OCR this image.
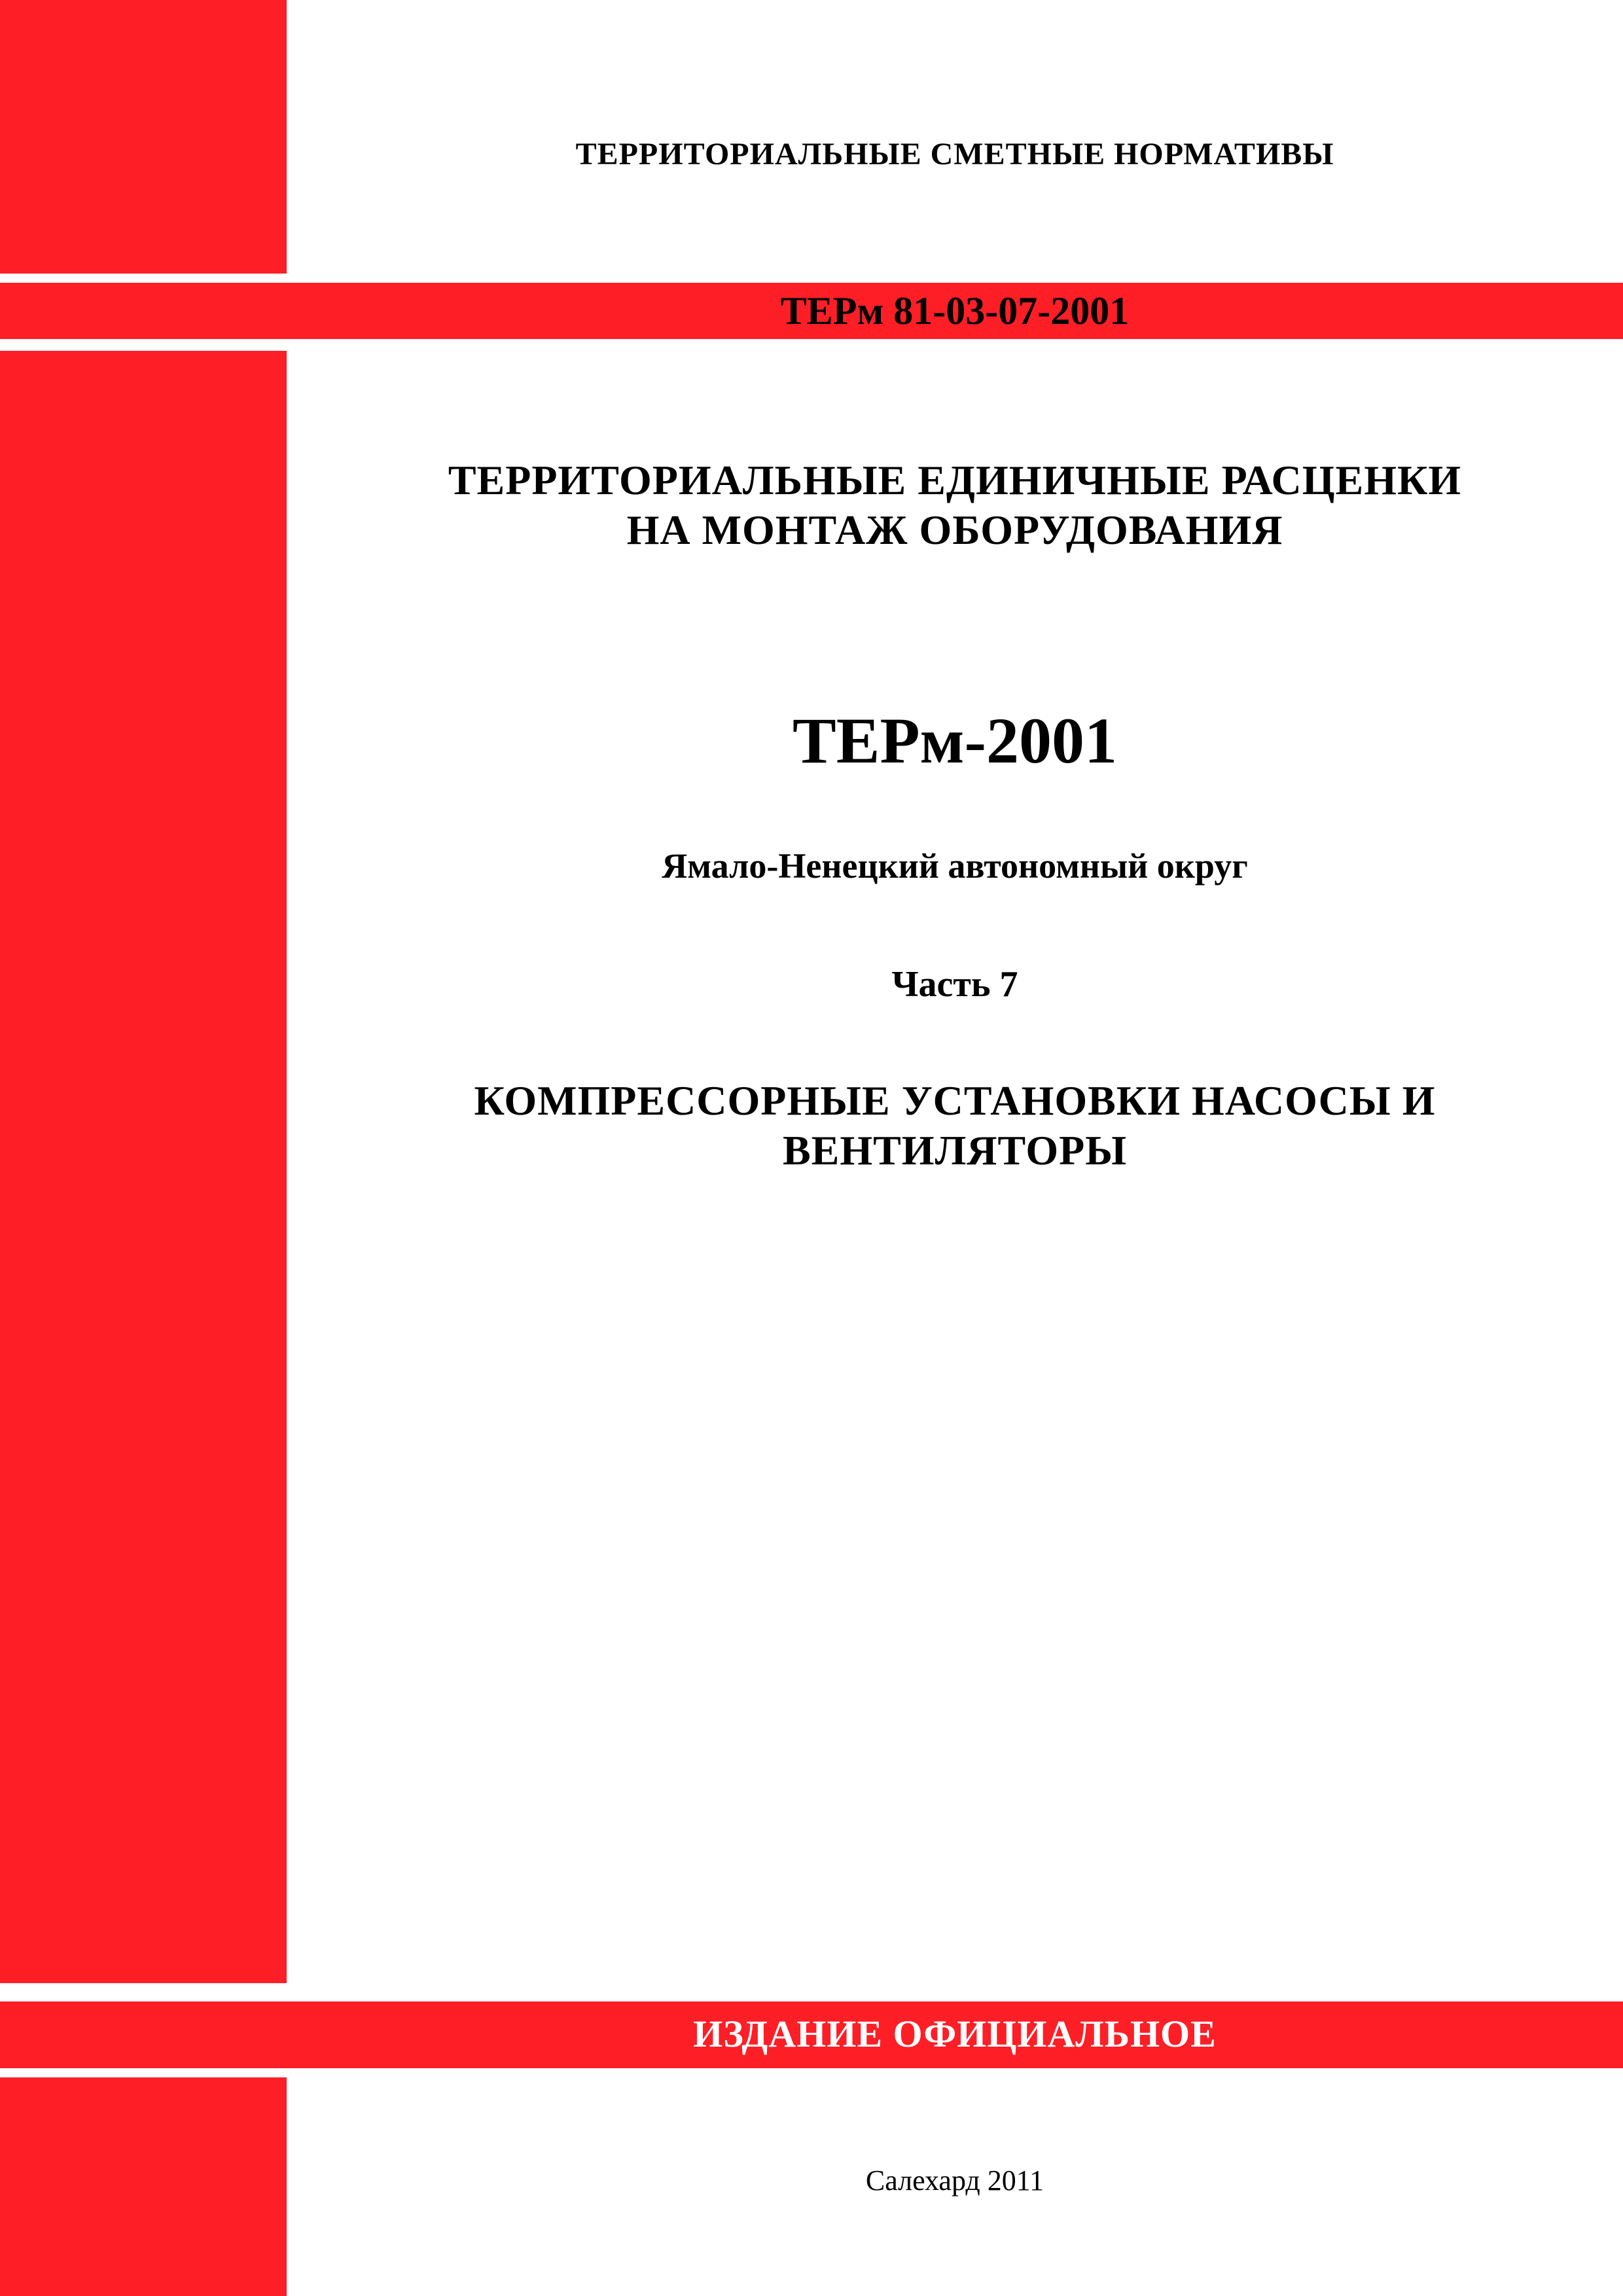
ТЕРРИТОРИАЛЬНЫЕ СМЕТНЫЕ НОРМАТИВЫ
ТЕРм 81-03-07-2001
ТЕРРИТОРИАЛЬНЫЕ ЕДИНИЧНЫЕ РАСЦЕНКИ
НА МОНТАЖ ОБОРУДОВАНИЯ
ТЕРм-2001
Ямало-Ненецкий автономный округ
Часть 7
КОМПРЕССОРНЫЕ УСТАНОВКИ НАСОСЫ И
ВЕНТИЛЯТОРЫ
ИЗДАНИЕ ОФИЦИАЛЬНОЕ
Салехард 2011
